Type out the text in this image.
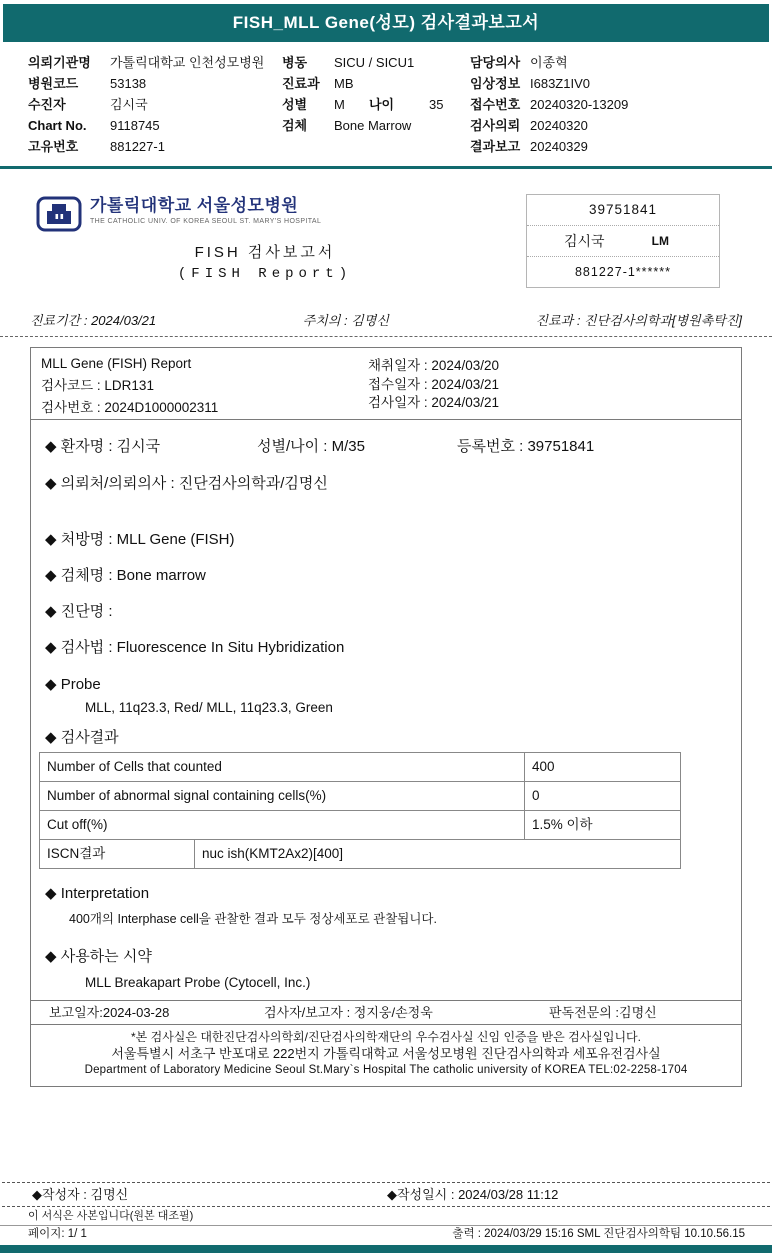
FISH_MLL Gene(성모) 검사결과보고서
의뢰기관명 가톨릭대학교 인천성모병원
병원코드 53138
수진자	김시국
Chart No. 9118745
고유번호 881227-1
병동 SICU / SICU1
진료과 MB
성별 M 나이	35
검체 Bone Marrow
담당의사 이종혁
임상정보 I683Z1IV0
접수번호 20240320-13209
검사의뢰 20240320
결과보고 20240329
가톨릭대학교 서울성모병원
THE CATHOLIC UNIV. OF KOREA SEOUL ST. MARY'S HOSPITAL
FISH 검사보고서
(FISH Report)
39751841
김시국	LM
881227-1******
진료기간 : 2024/03/21	주치의 : 김명신	진료과 : 진단검사의학과[병원촉탁진]
MLL Gene (FISH) Report
검사코드 : LDR131
검사번호 : 2024D1000002311
채취일자 : 2024/03/20
접수일자 : 2024/03/21
검사일자 : 2024/03/21
◆ 환자명 : 김시국	성별/나이 : M/35	등록번호 : 39751841
◆ 의뢰처/의뢰의사 : 진단검사의학과/김명신
◆ 처방명 : MLL Gene (FISH)
◆ 검체명 : Bone marrow
◆ 진단명 :
◆ 검사법 : Fluorescence In Situ Hybridization
◆ Probe
MLL, 11q23.3, Red/ MLL, 11q23.3, Green
◆ 검사결과
Number of Cells that counted	400
Number of abnormal signal containing cells(%)	0
Cut off(%)	1.5% 이하
ISCN결과	nuc ish(KMT2Ax2)[400]
◆ Interpretation
400개의 Interphase cell을 관찰한 결과 모두 정상세포로 관찰됩니다.
◆ 사용하는 시약
MLL Breakapart Probe (Cytocell, Inc.)
보고일자:2024-03-28	검사자/보고자 : 정지웅/손정욱	판독전문의 :김명신
*본 검사실은 대한진단검사의학회/진단검사의학재단의 우수검사실 신임 인증을 받은 검사실입니다.
서울특별시 서초구 반포대로 222번지 가톨릭대학교 서울성모병원 진단검사의학과 세포유전검사실
Department of Laboratory Medicine Seoul St.Mary`s Hospital The catholic university of KOREA TEL:02-2258-1704
◆작성자 : 김명신	◆작성일시 : 2024/03/28 11:12
이 서식은 사본입니다(원본 대조필)
페이지: 1/ 1	출력 : 2024/03/29 15:16 SML 진단검사의학팀 10.10.56.15
